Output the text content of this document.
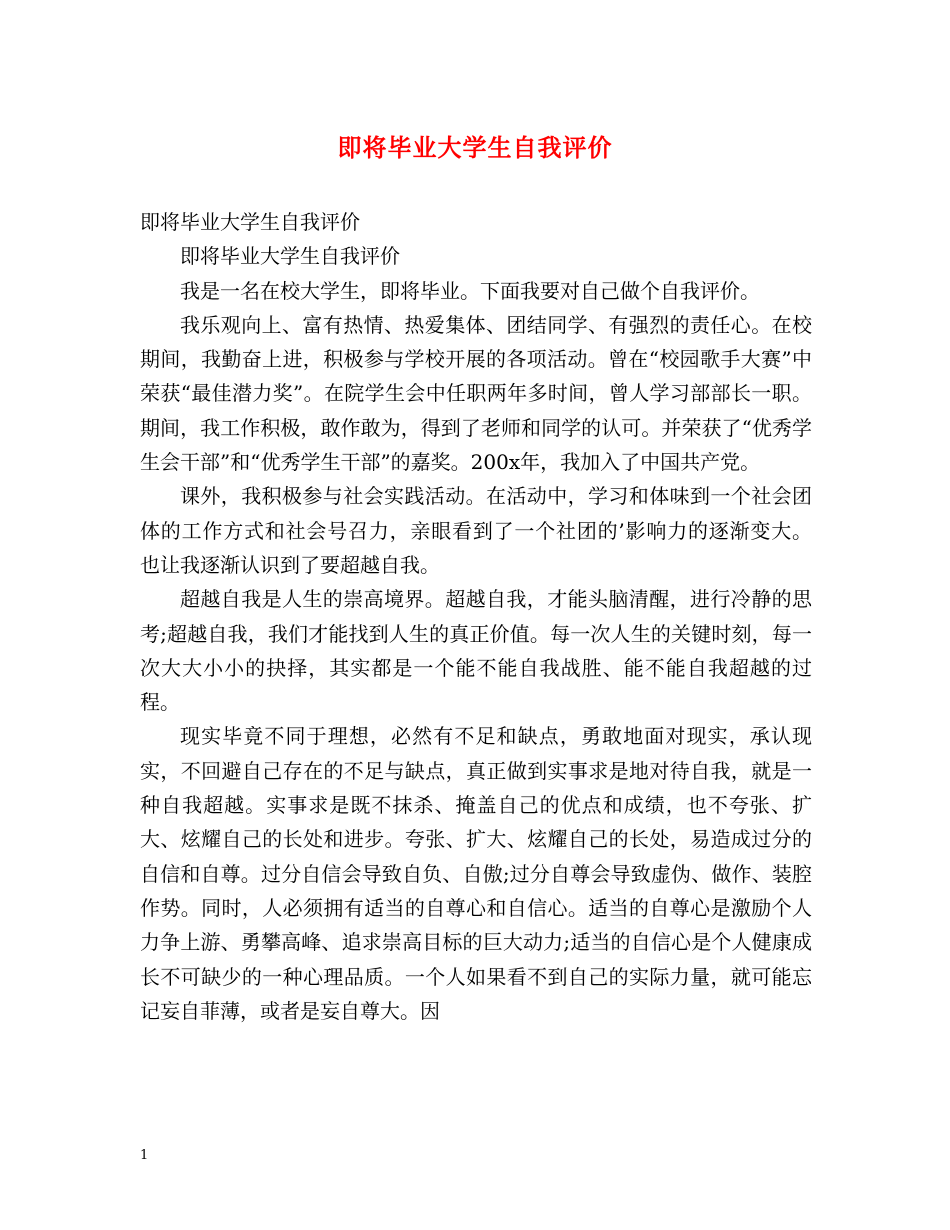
即将毕业大学生自我评价

即将毕业大学生自我评价

即将毕业大学生自我评价

我是一名在校大学生，即将毕业。下面我要对自己做个自我评价。

我乐观向上、富有热情、热爱集体、团结同学、有强烈的责任心。在校期间，我勤奋上进，积极参与学校开展的各项活动。曾在“校园歌手大赛”中荣获“最佳潜力奖”。在院学生会中任职两年多时间，曾人学习部部长一职。期间，我工作积极，敢作敢为，得到了老师和同学的认可。并荣获了“优秀学生会干部”和“优秀学生干部”的嘉奖。200x年，我加入了中国共产党。

课外，我积极参与社会实践活动。在活动中，学习和体味到一个社会团体的工作方式和社会号召力，亲眼看到了一个社团的’影响力的逐渐变大。 也让我逐渐认识到了要超越自我。

超越自我是人生的崇高境界。超越自我，才能头脑清醒，进行冷静的思考;超越自我，我们才能找到人生的真正价值。每一次人生的关键时刻，每一次大大小小的抉择，其实都是一个能不能自我战胜、能不能自我超越的过程。

现实毕竟不同于理想，必然有不足和缺点，勇敢地面对现实，承认现实，不回避自己存在的不足与缺点，真正做到实事求是地对待自我，就是一种自我超越。实事求是既不抹杀、掩盖自己的优点和成绩，也不夸张、扩大、炫耀自己的长处和进步。夸张、扩大、炫耀自己的长处，易造成过分的自信和自尊。过分自信会导致自负、自傲;过分自尊会导致虚伪、做作、装腔作势。同时，人必须拥有适当的自尊心和自信心。适当的自尊心是激励个人力争上游、勇攀高峰、追求崇高目标的巨大动力;适当的自信心是个人健康成长不可缺少的一种心理品质。一个人如果看不到自己的实际力量，就可能忘记妄自菲薄，或者是妄自尊大。因

1
